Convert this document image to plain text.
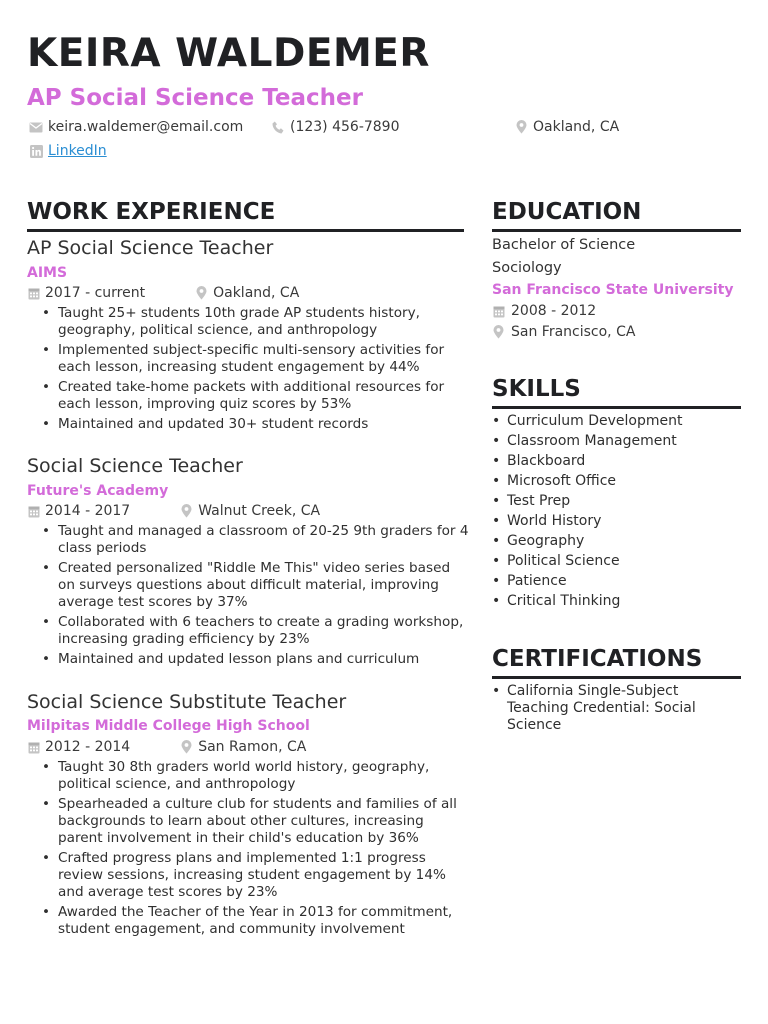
KEIRA WALDEMER
AP Social Science Teacher
keira.waldemer@email.com	(123) 456-7890	Oakland, CA
LinkedIn
WORK EXPERIENCE
AP Social Science Teacher
AIMS
2017 - current	Oakland, CA
• Taught 25+ students 10th grade AP students history, geography, political science, and anthropology
• Implemented subject-specific multi-sensory activities for each lesson, increasing student engagement by 44%
• Created take-home packets with additional resources for each lesson, improving quiz scores by 53%
• Maintained and updated 30+ student records
Social Science Teacher
Future's Academy
2014 - 2017	Walnut Creek, CA
• Taught and managed a classroom of 20-25 9th graders for 4 class periods
• Created personalized "Riddle Me This" video series based on surveys questions about difficult material, improving average test scores by 37%
• Collaborated with 6 teachers to create a grading workshop, increasing grading efficiency by 23%
• Maintained and updated lesson plans and curriculum
Social Science Substitute Teacher
Milpitas Middle College High School
2012 - 2014	San Ramon, CA
• Taught 30 8th graders world world history, geography, political science, and anthropology
• Spearheaded a culture club for students and families of all backgrounds to learn about other cultures, increasing parent involvement in their child's education by 36%
• Crafted progress plans and implemented 1:1 progress review sessions, increasing student engagement by 14% and average test scores by 23%
• Awarded the Teacher of the Year in 2013 for commitment, student engagement, and community involvement
EDUCATION
Bachelor of Science
Sociology
San Francisco State University
2008 - 2012
San Francisco, CA
SKILLS
• Curriculum Development
• Classroom Management
• Blackboard
• Microsoft Office
• Test Prep
• World History
• Geography
• Political Science
• Patience
• Critical Thinking
CERTIFICATIONS
• California Single-Subject Teaching Credential: Social Science
